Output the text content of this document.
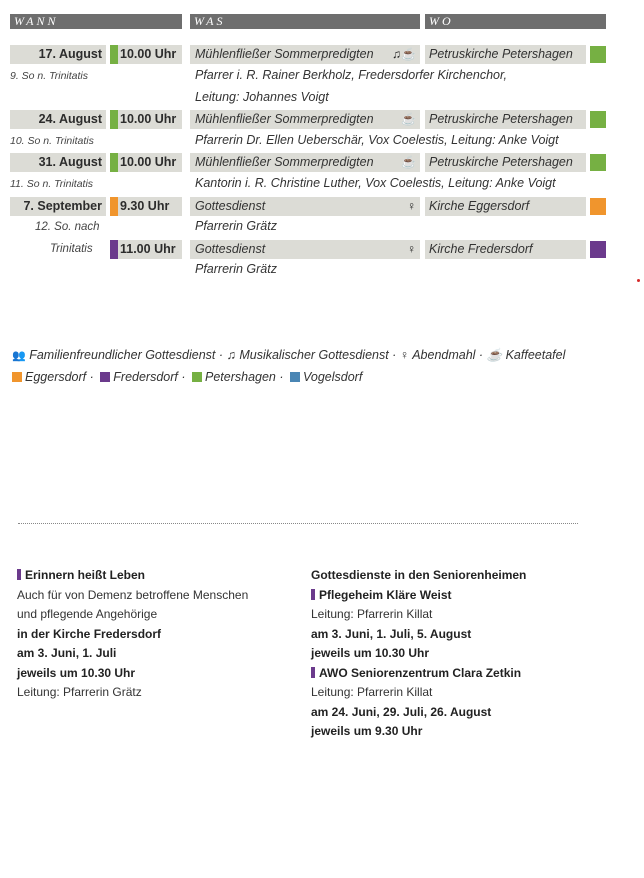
WANN	WAS	WO
17. August	10.00 Uhr	Mühlenfließer Sommerpredigten ♫☕	Petruskirche Petershagen
9. So n. Trinitatis	Pfarrer i. R. Rainer Berkholz, Fredersdorfer Kirchenchor,
Leitung: Johannes Voigt
24. August	10.00 Uhr	Mühlenfließer Sommerpredigten ☕	Petruskirche Petershagen
10. So n. Trinitatis	Pfarrerin Dr. Ellen Ueberschär, Vox Coelestis, Leitung: Anke Voigt
31. August	10.00 Uhr	Mühlenfließer Sommerpredigten ☕	Petruskirche Petershagen
11. So n. Trinitatis	Kantorin i. R. Christine Luther, Vox Coelestis, Leitung: Anke Voigt
7. September	9.30 Uhr	Gottesdienst	♀	Kirche Eggersdorf
12. So. nach	Pfarrerin Grätz
Trinitatis	11.00 Uhr	Gottesdienst	♀	Kirche Fredersdorf
Pfarrerin Grätz
👥 Familienfreundlicher Gottesdienst · ♫ Musikalischer Gottesdienst · ♀ Abendmahl · ☕ Kaffeetafel
Eggersdorf · Fredersdorf · Petershagen · Vogelsdorf
Erinnern heißt Leben
Auch für von Demenz betroffene Menschen
und pflegende Angehörige
in der Kirche Fredersdorf
am 3. Juni, 1. Juli
jeweils um 10.30 Uhr
Leitung: Pfarrerin Grätz
Gottesdienste in den Seniorenheimen
Pflegeheim Kläre Weist
Leitung: Pfarrerin Killat
am 3. Juni, 1. Juli, 5. August
jeweils um 10.30 Uhr
AWO Seniorenzentrum Clara Zetkin
Leitung: Pfarrerin Killat
am 24. Juni, 29. Juli, 26. August
jeweils um 9.30 Uhr
